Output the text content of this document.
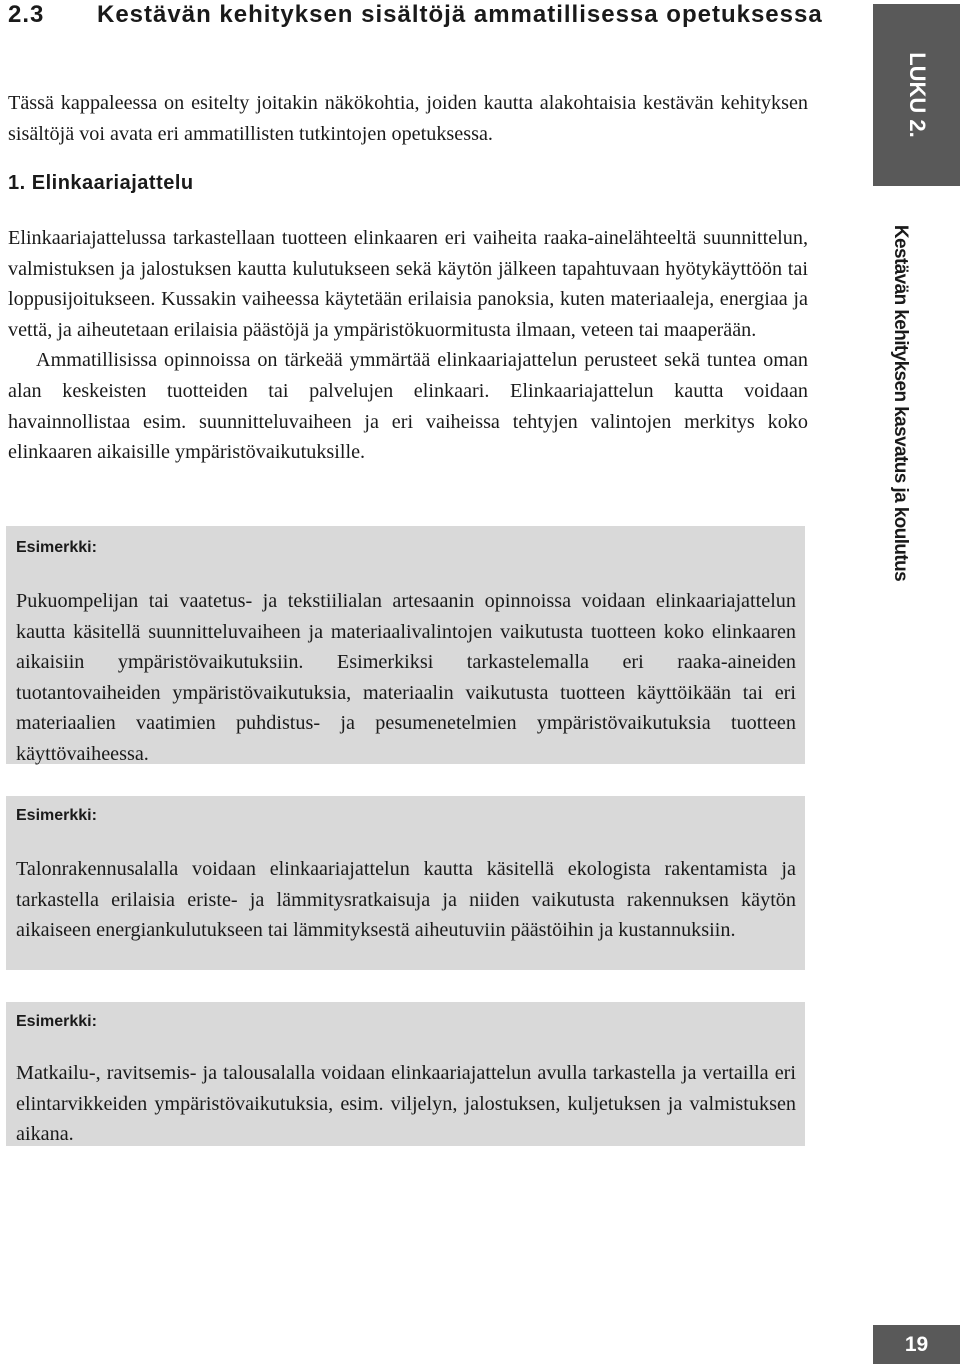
2.3	Kestävän kehityksen sisältöjä ammatillisessa opetuksessa

Tässä kappaleessa on esitelty joitakin näkökohtia, joiden kautta alakohtaisia kestävän kehityksen sisältöjä voi avata eri ammatillisten tutkintojen opetuksessa.

1. Elinkaariajattelu

Elinkaariajattelussa tarkastellaan tuotteen elinkaaren eri vaiheita raaka-ainelähteeltä suunnittelun, valmistuksen ja jalostuksen kautta kulutukseen sekä käytön jälkeen tapahtuvaan hyötykäyttöön tai loppusijoitukseen. Kussakin vaiheessa käytetään erilaisia panoksia, kuten materiaaleja, energiaa ja vettä, ja aiheutetaan erilaisia päästöjä ja ympäristökuormitusta ilmaan, veteen tai maaperään.

Ammatillisissa opinnoissa on tärkeää ymmärtää elinkaariajattelun perusteet sekä tuntea oman alan keskeisten tuotteiden tai palvelujen elinkaari. Elinkaariajattelun kautta voidaan havainnollistaa esim. suunnitteluvaiheen ja eri vaiheissa tehtyjen valintojen merkitys koko elinkaaren aikaisille ympäristövaikutuksille.

Esimerkki:

Pukuompelijan tai vaatetus- ja tekstiilialan artesaanin opinnoissa voidaan elinkaariajattelun kautta käsitellä suunnitteluvaiheen ja materiaalivalintojen vaikutusta tuotteen koko elinkaaren aikaisiin ympäristövaikutuksiin. Esimerkiksi tarkastelemalla eri raaka-aineiden tuotantovaiheiden ympäristövaikutuksia, materiaalin vaikutusta tuotteen käyttöikään tai eri materiaalien vaatimien puhdistus- ja pesumenetelmien ympäristövaikutuksia tuotteen käyttövaiheessa.

Esimerkki:

Talonrakennusalalla voidaan elinkaariajattelun kautta käsitellä ekologista rakentamista ja tarkastella erilaisia eriste- ja lämmitysratkaisuja ja niiden vaikutusta rakennuksen käytön aikaiseen energiankulutukseen tai lämmityksestä aiheutuviin päästöihin ja kustannuksiin.

Esimerkki:

Matkailu-, ravitsemis- ja talousalalla voidaan elinkaariajattelun avulla tarkastella ja vertailla eri elintarvikkeiden ympäristövaikutuksia, esim. viljelyn, jalostuksen, kuljetuksen ja valmistuksen aikana.

LUKU 2.
Kestävän kehityksen kasvatus ja koulutus
19
